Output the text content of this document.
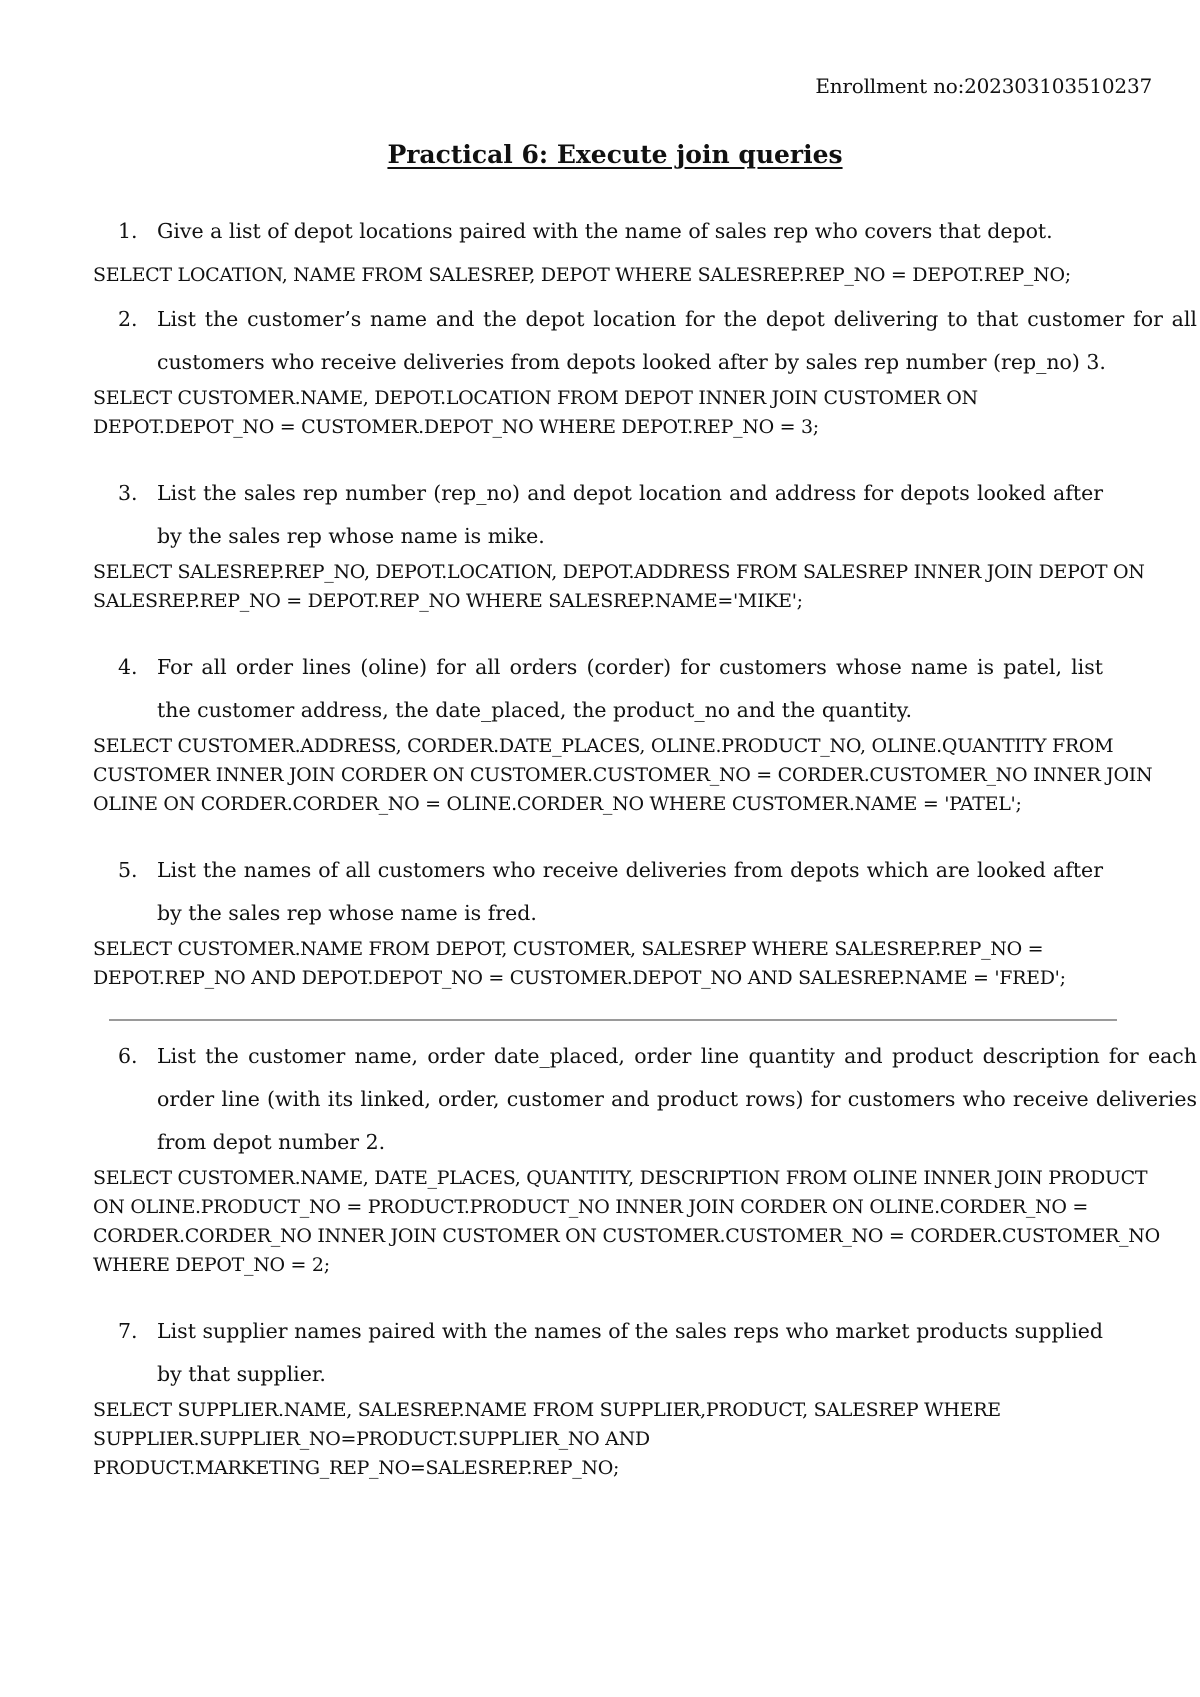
Enrollment no:202303103510237
Practical 6: Execute join queries

1. Give a list of depot locations paired with the name of sales rep who covers that depot.

SELECT LOCATION, NAME FROM SALESREP, DEPOT WHERE SALESREP.REP_NO = DEPOT.REP_NO;

2. List the customer’s name and the depot location for the depot delivering to that customer for all customers who receive deliveries from depots looked after by sales rep number (rep_no) 3.

SELECT CUSTOMER.NAME, DEPOT.LOCATION FROM DEPOT INNER JOIN CUSTOMER ON DEPOT.DEPOT_NO = CUSTOMER.DEPOT_NO WHERE DEPOT.REP_NO = 3;

3. List the sales rep number (rep_no) and depot location and address for depots looked after by the sales rep whose name is mike.

SELECT SALESREP.REP_NO, DEPOT.LOCATION, DEPOT.ADDRESS FROM SALESREP INNER JOIN DEPOT ON SALESREP.REP_NO = DEPOT.REP_NO WHERE SALESREP.NAME='MIKE';

4. For all order lines (oline) for all orders (corder) for customers whose name is patel, list the customer address, the date_placed, the product_no and the quantity.

SELECT CUSTOMER.ADDRESS, CORDER.DATE_PLACES, OLINE.PRODUCT_NO, OLINE.QUANTITY FROM CUSTOMER INNER JOIN CORDER ON CUSTOMER.CUSTOMER_NO = CORDER.CUSTOMER_NO INNER JOIN OLINE ON CORDER.CORDER_NO = OLINE.CORDER_NO WHERE CUSTOMER.NAME = 'PATEL';

5. List the names of all customers who receive deliveries from depots which are looked after by the sales rep whose name is fred.

SELECT CUSTOMER.NAME FROM DEPOT, CUSTOMER, SALESREP WHERE SALESREP.REP_NO = DEPOT.REP_NO AND DEPOT.DEPOT_NO = CUSTOMER.DEPOT_NO AND SALESREP.NAME = 'FRED';

6. List the customer name, order date_placed, order line quantity and product description for each order line (with its linked, order, customer and product rows) for customers who receive deliveries from depot number 2.

SELECT CUSTOMER.NAME, DATE_PLACES, QUANTITY, DESCRIPTION FROM OLINE INNER JOIN PRODUCT ON OLINE.PRODUCT_NO = PRODUCT.PRODUCT_NO INNER JOIN CORDER ON OLINE.CORDER_NO = CORDER.CORDER_NO INNER JOIN CUSTOMER ON CUSTOMER.CUSTOMER_NO = CORDER.CUSTOMER_NO WHERE DEPOT_NO = 2;

7. List supplier names paired with the names of the sales reps who market products supplied by that supplier.

SELECT SUPPLIER.NAME, SALESREP.NAME FROM SUPPLIER,PRODUCT, SALESREP WHERE SUPPLIER.SUPPLIER_NO=PRODUCT.SUPPLIER_NO AND PRODUCT.MARKETING_REP_NO=SALESREP.REP_NO;
